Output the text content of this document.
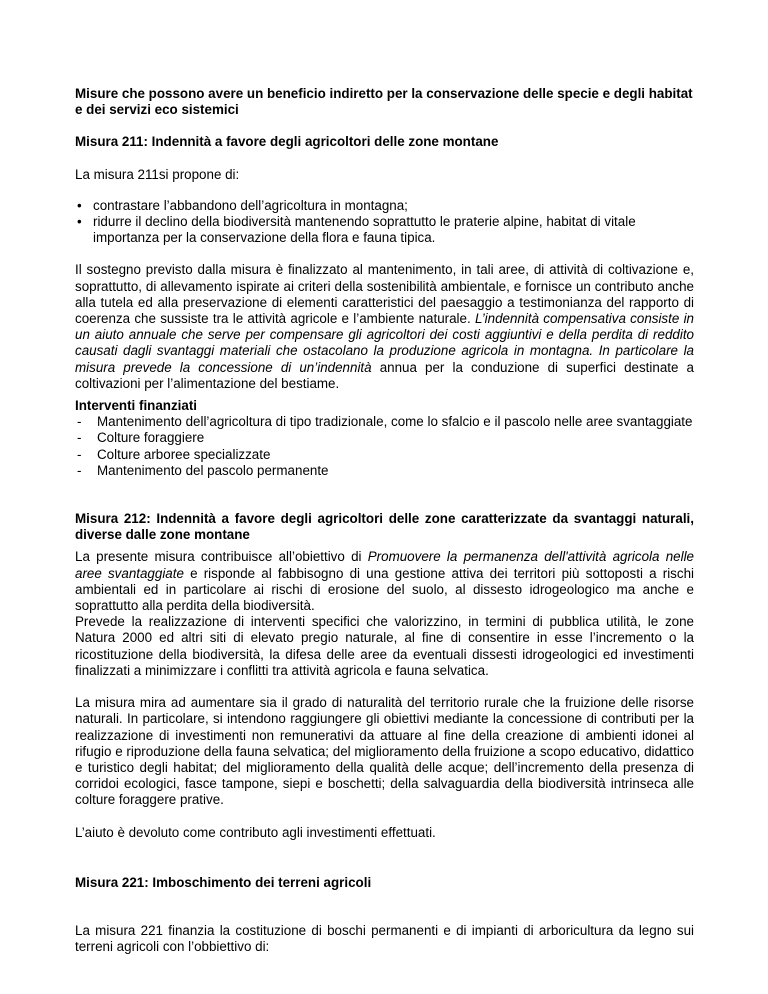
Misure che possono avere un beneficio indiretto per la conservazione delle specie e degli habitat e dei servizi eco sistemici

Misura 211: Indennità a favore degli agricoltori delle zone montane

La misura 211si propone di:

• contrastare l’abbandono dell’agricoltura in montagna;
• ridurre il declino della biodiversità mantenendo soprattutto le praterie alpine, habitat di vitale importanza per la conservazione della flora e fauna tipica.

Il sostegno previsto dalla misura è finalizzato al mantenimento, in tali aree, di attività di coltivazione e, soprattutto, di allevamento ispirate ai criteri della sostenibilità ambientale, e fornisce un contributo anche alla tutela ed alla preservazione di elementi caratteristici del paesaggio a testimonianza del rapporto di coerenza che sussiste tra le attività agricole e l’ambiente naturale. L’indennità compensativa consiste in un aiuto annuale che serve per compensare gli agricoltori dei costi aggiuntivi e della perdita di reddito causati dagli svantaggi materiali che ostacolano la produzione agricola in montagna. In particolare la misura prevede la concessione di un’indennità annua per la conduzione di superfici destinate a coltivazioni per l’alimentazione del bestiame.

Interventi finanziati

- Mantenimento dell’agricoltura di tipo tradizionale, come lo sfalcio e il pascolo nelle aree svantaggiate
- Colture foraggiere
- Colture arboree specializzate
- Mantenimento del pascolo permanente

Misura 212: Indennità a favore degli agricoltori delle zone caratterizzate da svantaggi naturali, diverse dalle zone montane

La presente misura contribuisce all’obiettivo di Promuovere la permanenza dell'attività agricola nelle aree svantaggiate e risponde al fabbisogno di una gestione attiva dei territori più sottoposti a rischi ambientali ed in particolare ai rischi di erosione del suolo, al dissesto idrogeologico ma anche e soprattutto alla perdita della biodiversità.

Prevede la realizzazione di interventi specifici che valorizzino, in termini di pubblica utilità, le zone Natura 2000 ed altri siti di elevato pregio naturale, al fine di consentire in esse l’incremento o la ricostituzione della biodiversità, la difesa delle aree da eventuali dissesti idrogeologici ed investimenti finalizzati a minimizzare i conflitti tra attività agricola e fauna selvatica.

La misura mira ad aumentare sia il grado di naturalità del territorio rurale che la fruizione delle risorse naturali. In particolare, si intendono raggiungere gli obiettivi mediante la concessione di contributi per la realizzazione di investimenti non remunerativi da attuare al fine della creazione di ambienti idonei al rifugio e riproduzione della fauna selvatica; del miglioramento della fruizione a scopo educativo, didattico e turistico degli habitat; del miglioramento della qualità delle acque; dell’incremento della presenza di corridoi ecologici, fasce tampone, siepi e boschetti; della salvaguardia della biodiversità intrinseca alle colture foraggere prative.

L’aiuto è devoluto come contributo agli investimenti effettuati.

Misura 221: Imboschimento dei terreni agricoli

La misura 221 finanzia la costituzione di boschi permanenti e di impianti di arboricultura da legno sui terreni agricoli con l’obbiettivo di:
